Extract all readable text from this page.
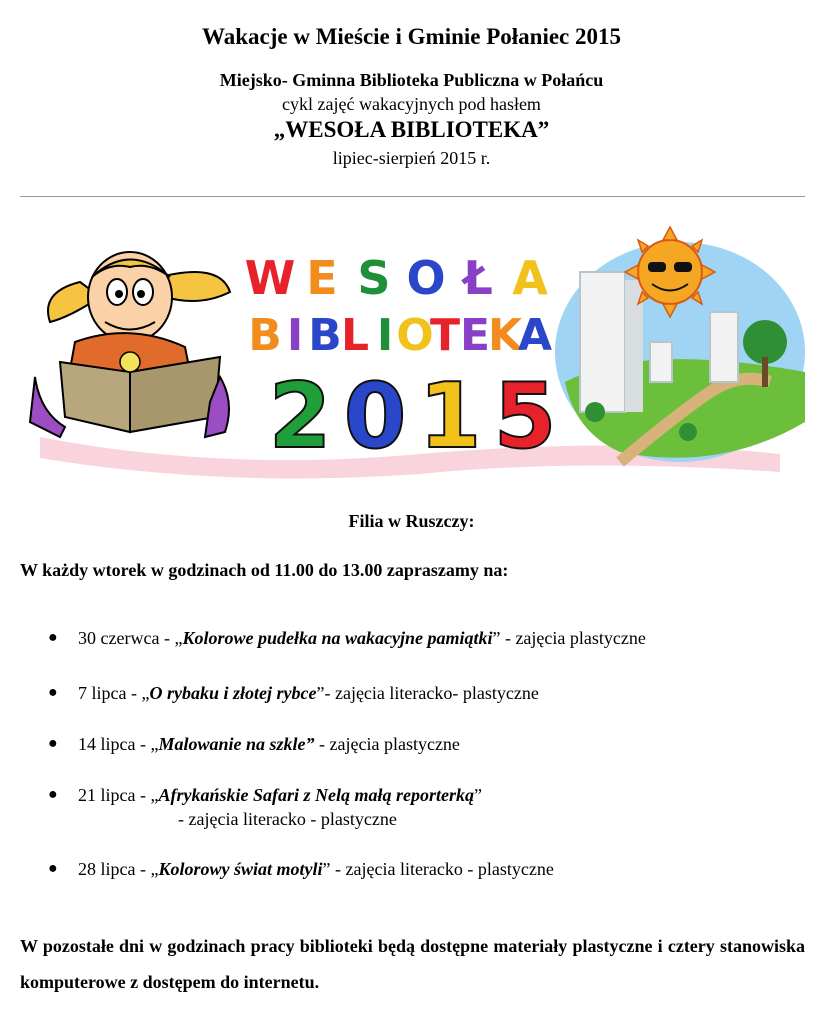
Wakacje w Mieście i Gminie Połaniec 2015
Miejsko- Gminna Biblioteka Publiczna w Połańcu
cykl zajęć wakacyjnych pod hasłem
„WESOŁA BIBLIOTEKA”
lipiec-sierpień 2015 r.
W E S O Ł A
B I B L I O
T E
K
A
2 0 1 5
Filia w Ruszczy:
W każdy wtorek w godzinach od 11.00 do 13.00 zapraszamy na:
● 30 czerwca - „Kolorowe pudełka na wakacyjne pamiątki” - zajęcia plastyczne
● 7 lipca - „O rybaku i złotej rybce”- zajęcia literacko- plastyczne
● 14 lipca - „Malowanie na szkle” - zajęcia plastyczne
● 21 lipca - „Afrykańskie Safari z Nelą małą reporterką”
- zajęcia literacko - plastyczne
● 28 lipca - „Kolorowy świat motyli” - zajęcia literacko - plastyczne
W pozostałe dni w godzinach pracy biblioteki będą dostępne materiały plastyczne i cztery stanowiska komputerowe z dostępem do internetu.
